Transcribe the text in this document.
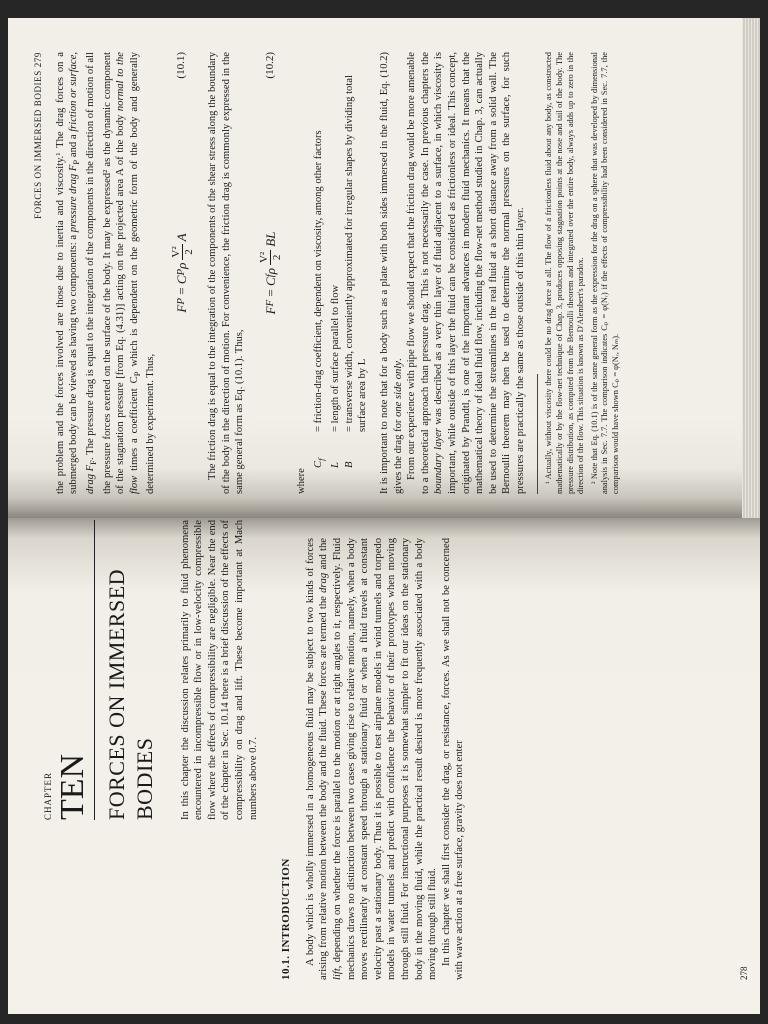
CHAPTER TEN FORCES ON IMMERSED BODIES In this chapter the discussion relates primarily to fluid phenomena encountered in incompressible flow or in low-velocity compressible flow where the effects of compressibility are negligible. Near the end of the chapter in Sec. 10.14 there is a brief discussion of the effects of compressibility on drag and lift. These become important at Mach numbers above 0.7.

10.1. INTRODUCTION A body which is wholly immersed in a homogeneous fluid may be subject to two kinds of forces arising from relative motion between the body and the fluid. These forces are termed the drag and the lift, depending on whether the force is parallel to the motion or at right angles to it, respectively. Fluid mechanics draws no distinction between two cases giving rise to relative motion, namely, when a body moves rectilinearly at constant speed through a stationary fluid or when a fluid travels at constant velocity past a stationary body. Thus it is possible to test airplane models in wind tunnels and torpedo models in water tunnels and predict with confidence the behavior of their prototypes when moving through still fluid. For instructional purposes it is somewhat simpler to fit our ideas on the stationary body in the moving fluid, while the practical result desired is more frequently associated with a body moving through still fluid. In this chapter we shall first consider the drag, or resistance, forces. As we shall not be concerned with wave action at a free surface, gravity does not enter	278
FORCES ON IMMERSED BODIES 279 the problem and the forces involved are those due to inertia and viscosity.¹ The drag forces on a submerged body can be viewed as having two components: a pressure drag $F_P$ and a friction or surface, drag $F_F$. The pressure drag is equal to the integration of the components in the direction of motion of all the pressure forces exerted on the surface of the body. It may be expressed² as the dynamic component of the stagnation pressure [from Eq. (4.31)] acting on the projected area A of the body normal to the flow times a coefficient $C_P$ which is dependent on the geometric form of the body and generally determined by experiment. Thus,

F
P

=

C
P
ρ
V² 2
A
(10.1) The friction drag is equal to the integration of the components of the shear stress along the boundary of the body in the direction of motion. For convenience, the friction drag is commonly expressed in the same general form as Eq. (10.1). Thus,

F
F

=

C
f
ρ
V² 2
BL
(10.2)

where

$C_f$
= friction-drag coefficient, dependent on viscosity, among other factors
L
= length of surface parallel to flow
B
= transverse width, conveniently approximated for irregular shapes by dividing total surface area by L It is important to note that for a body such as a plate with both sides immersed in the fluid, Eq. (10.2) gives the drag for one side only. From our experience with pipe flow we should expect that the friction drag would be more amenable to a theoretical approach than pressure drag. This is not necessarily the case. In previous chapters the boundary layer was described as a very thin layer of fluid adjacent to a surface, in which viscosity is important, while outside of this layer the fluid can be considered as frictionless or ideal. This concept, originated by Prandtl, is one of the important advances in modern fluid mechanics. It means that the mathematical theory of ideal fluid flow, including the flow-net method studied in Chap. 3, can actually be used to determine the streamlines in the real fluid at a short distance away from a solid wall. The Bernoulli theorem may then be used to determine the normal pressures on the surface, for such pressures are practically the same as those outside of this thin layer. ¹ Actually, without viscosity there could be no drag force at all. The flow of a frictionless fluid about any body, as constructed mathematically or by the flow-net technique of Chap. 3, produces opposing stagnation points at the nose and tail of the body. The pressure distribution, as computed from the Bernoulli theorem and integrated over the entire body, always adds up to zero in the direction of the flow. This situation is known as D'Alembert's paradox. ² Note that Eq. (10.1) is of the same general form as the expression for the drag on a sphere that was developed by dimensional analysis in Sec. 7.7. The comparison indicates Cₚ = φ(Nᵣ) if the effects of compressibility had been considered in Sec. 7.7, the comparison would have shown Cₚ = φ(Nᵣ, Nₘ).
